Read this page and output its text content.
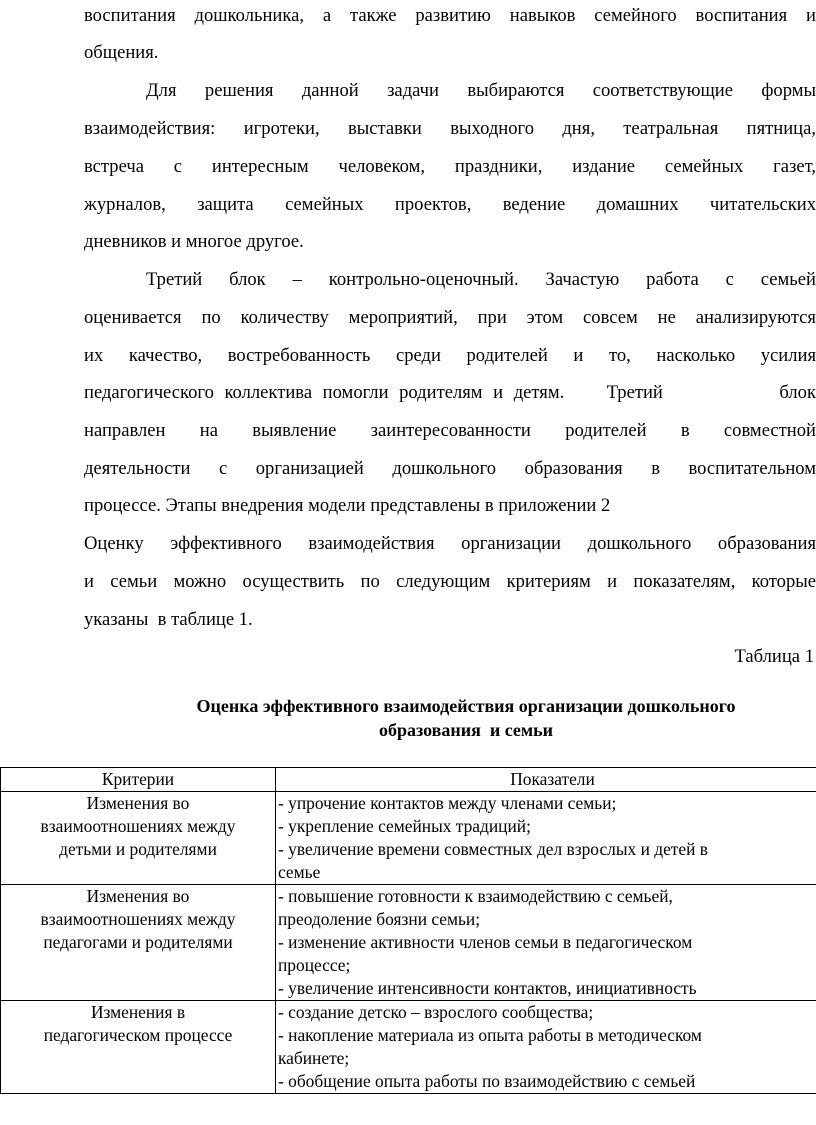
воспитания дошкольника, а также развитию навыков семейного воспитания и
общения.
Для решения данной задачи выбираются соответствующие формы
взаимодействия: игротеки, выставки выходного дня, театральная пятница,
встреча с интересным человеком, праздники, издание семейных газет,
журналов, защита семейных проектов, ведение домашних читательских
дневников и многое другое.
Третий блок – контрольно-оценочный. Зачастую работа с семьей
оценивается по количеству мероприятий, при этом совсем не анализируются
их качество, востребованность среди родителей и то, насколько усилия
педагогического коллектива помогли родителям и детям.    Третий           блок
направлен на выявление заинтересованности родителей в совместной
деятельности с организацией дошкольного образования в воспитательном
процессе. Этапы внедрения модели представлены в приложении 2
Оценку эффективного взаимодействия организации дошкольного образования
и семьи можно осуществить по следующим критериям и показателям, которые
указаны  в таблице 1.
Таблица 1
Оценка эффективного взаимодействия организации дошкольного
образования  и семьи
Критерии	Показатели

Изменения во
взаимоотношениях между
детьми и родителями	- упрочение контактов между членами семьи;
- укрепление семейных традиций;
- увеличение времени совместных дел взрослых и детей в
семье

Изменения во
взаимоотношениях между
педагогами и родителями	- повышение готовности к взаимодействию с семьей,
преодоление боязни семьи;
- изменение активности членов семьи в педагогическом
процессе;
- увеличение интенсивности контактов, инициативность

Изменения в
педагогическом процессе	- создание детско – взрослого сообщества;
- накопление материала из опыта работы в методическом
кабинете;
- обобщение опыта работы по взаимодействию с семьей
